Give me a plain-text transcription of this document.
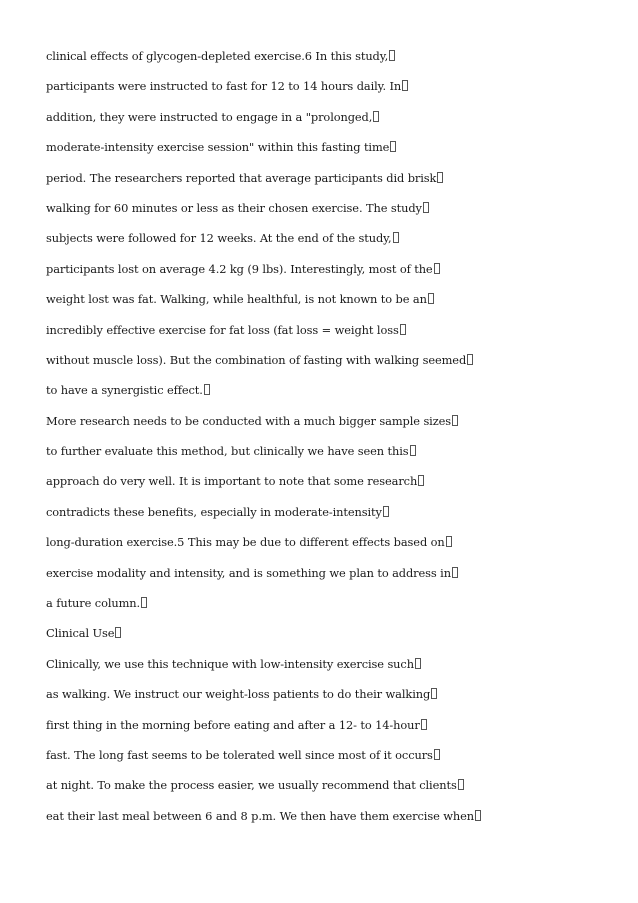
clinical effects of glycogen-depleted exercise.6 In this study,
participants were instructed to fast for 12 to 14 hours daily. In
addition, they were instructed to engage in a "prolonged,
moderate-intensity exercise session" within this fasting time
period. The researchers reported that average participants did brisk
walking for 60 minutes or less as their chosen exercise. The study
subjects were followed for 12 weeks. At the end of the study,
participants lost on average 4.2 kg (9 lbs). Interestingly, most of the
weight lost was fat. Walking, while healthful, is not known to be an
incredibly effective exercise for fat loss (fat loss = weight loss
without muscle loss). But the combination of fasting with walking seemed
to have a synergistic effect.
More research needs to be conducted with a much bigger sample sizes
to further evaluate this method, but clinically we have seen this
approach do very well. It is important to note that some research
contradicts these benefits, especially in moderate-intensity
long-duration exercise.5 This may be due to different effects based on
exercise modality and intensity, and is something we plan to address in
a future column.
Clinical Use
Clinically, we use this technique with low-intensity exercise such
as walking. We instruct our weight-loss patients to do their walking
first thing in the morning before eating and after a 12- to 14-hour
fast. The long fast seems to be tolerated well since most of it occurs
at night. To make the process easier, we usually recommend that clients
eat their last meal between 6 and 8 p.m. We then have them exercise when
